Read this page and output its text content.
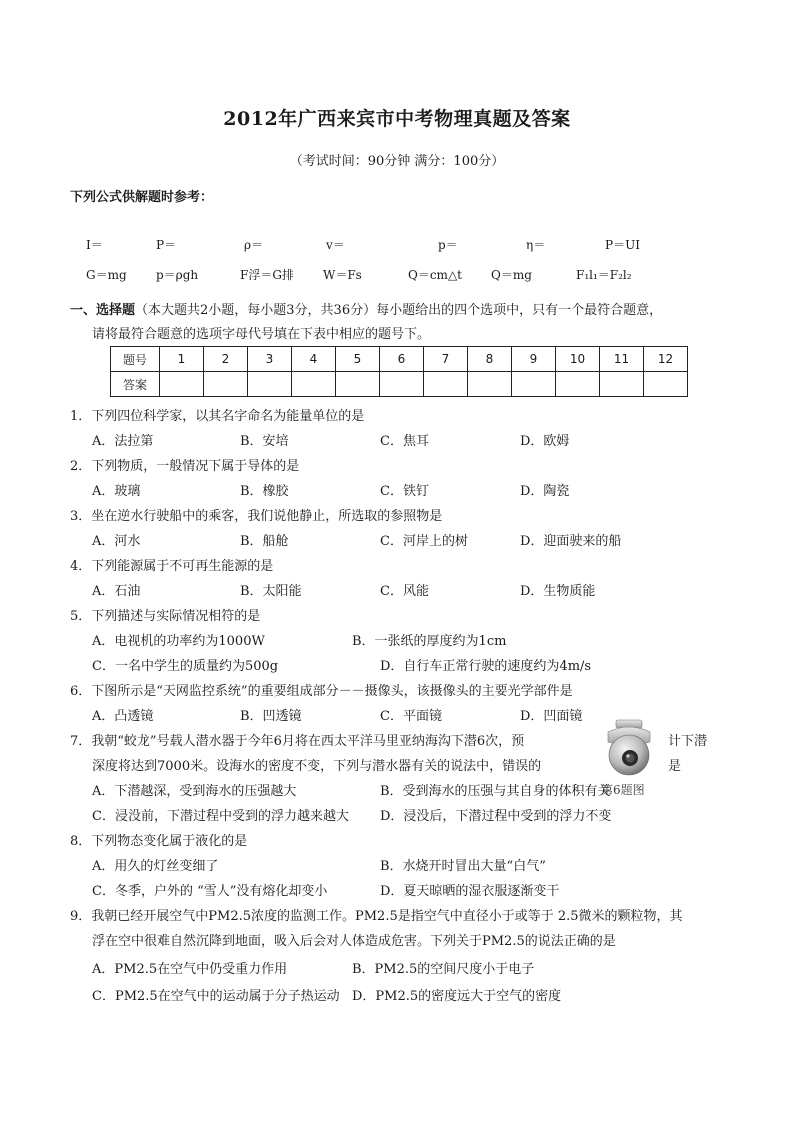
2012年广西来宾市中考物理真题及答案
（考试时间：90分钟 满分：100分）
下列公式供解题时参考：
I＝	P＝	ρ＝	v＝	p＝	η＝	P＝UI
G＝mg p＝ρgh	F浮＝G排 W＝Fs	Q＝cm△t Q＝mg	F₁l₁＝F₂l₂
一、选择题（本大题共2小题，每小题3分，共36分）每小题给出的四个选项中，只有一个最符合题意，
请将最符合题意的选项字母代号填在下表中相应的题号下。
题号	1	2	3	4	5	6	7	8	9	10	11	12
答案												
1．下列四位科学家，以其名字命名为能量单位的是
A．法拉第	B．安培	C．焦耳	D．欧姆
2．下列物质，一般情况下属于导体的是
A．玻璃	B．橡胶	C．铁钉	D．陶瓷
3．坐在逆水行驶船中的乘客，我们说他静止，所选取的参照物是
A．河水	B．船舱	C．河岸上的树	D．迎面驶来的船
4．下列能源属于不可再生能源的是
A．石油	B．太阳能	C．风能	D．生物质能
5．下列描述与实际情况相符的是
A．电视机的功率约为1000W	B．一张纸的厚度约为1cm
C．一名中学生的质量约为500g	D．自行车正常行驶的速度约为4m/s
6．下图所示是“天网监控系统”的重要组成部分－－摄像头，该摄像头的主要光学部件是
A．凸透镜	B．凹透镜	C．平面镜	D．凹面镜
7．我朝“蛟龙”号载人潜水器于今年6月将在西太平洋马里亚纳海沟下潜6次，预	计下潜
深度将达到7000米。设海水的密度不变，下列与潜水器有关的说法中，错误的	是
A．下潜越深，受到海水的压强越大	B．受到海水的压强与其自身的体积有关
第6题图
C．浸没前，下潜过程中受到的浮力越来越大 D．浸没后，下潜过程中受到的浮力不变
8．下列物态变化属于液化的是
A．用久的灯丝变细了	B．水烧开时冒出大量“白气”
C．冬季，户外的 “雪人”没有熔化却变小	D．夏天晾晒的湿衣服逐渐变干
9．我朝已经开展空气中PM2.5浓度的监测工作。PM2.5是指空气中直径小于或等于 2.5微米的颗粒物，其
浮在空中很难自然沉降到地面，吸入后会对人体造成危害。下列关于PM2.5的说法正确的是
A．PM2.5在空气中仍受重力作用	B．PM2.5的空间尺度小于电子
C．PM2.5在空气中的运动属于分子热运动 D．PM2.5的密度远大于空气的密度
